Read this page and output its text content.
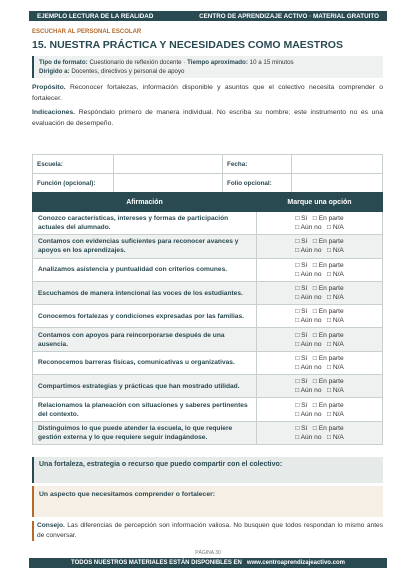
EJEMPLO LECTURA DE LA REALIDAD	CENTRO DE APRENDIZAJE ACTIVO · MATERIAL GRATUITO
ESCUCHAR AL PERSONAL ESCOLAR
15. NUESTRA PRÁCTICA Y NECESIDADES COMO MAESTROS
Tipo de formato: Cuestionario de reflexión docente · Tiempo aproximado: 10 a 15 minutos
Dirigido a: Docentes, directivos y personal de apoyo
Propósito. Reconocer fortalezas, información disponible y asuntos que el colectivo necesita comprender o fortalecer.
Indicaciones. Respóndalo primero de manera individual. No escriba su nombre; este instrumento no es una evaluación de desempeño.
Escuela:		Fecha:	
Función (opcional):		Folio opcional:	
Afirmación	Marque una opción
Conozco características, intereses y formas de participación actuales del alumnado.	□ Sí   □ En parte
□ Aún no   □ N/A
Contamos con evidencias suficientes para reconocer avances y apoyos en los aprendizajes.	□ Sí   □ En parte
□ Aún no   □ N/A
Analizamos asistencia y puntualidad con criterios comunes.	□ Sí   □ En parte
□ Aún no   □ N/A
Escuchamos de manera intencional las voces de los estudiantes.	□ Sí   □ En parte
□ Aún no   □ N/A
Conocemos fortalezas y condiciones expresadas por las familias.	□ Sí   □ En parte
□ Aún no   □ N/A
Contamos con apoyos para reincorporarse después de una ausencia.	□ Sí   □ En parte
□ Aún no   □ N/A
Reconocemos barreras físicas, comunicativas u organizativas.	□ Sí   □ En parte
□ Aún no   □ N/A
Compartimos estrategias y prácticas que han mostrado utilidad.	□ Sí   □ En parte
□ Aún no   □ N/A
Relacionamos la planeación con situaciones y saberes pertinentes del contexto.	□ Sí   □ En parte
□ Aún no   □ N/A
Distinguimos lo que puede atender la escuela, lo que requiere gestión externa y lo que requiere seguir indagándose.	□ Sí   □ En parte
□ Aún no   □ N/A
Una fortaleza, estrategia o recurso que puedo compartir con el colectivo:
Un aspecto que necesitamos comprender o fortalecer:
Consejo. Las diferencias de percepción son información valiosa. No busquen que todos respondan lo mismo antes de conversar.
PÁGINA 30
TODOS NUESTROS MATERIALES ESTÁN DISPONIBLES EN www.centroaprendizajeactivo.com
